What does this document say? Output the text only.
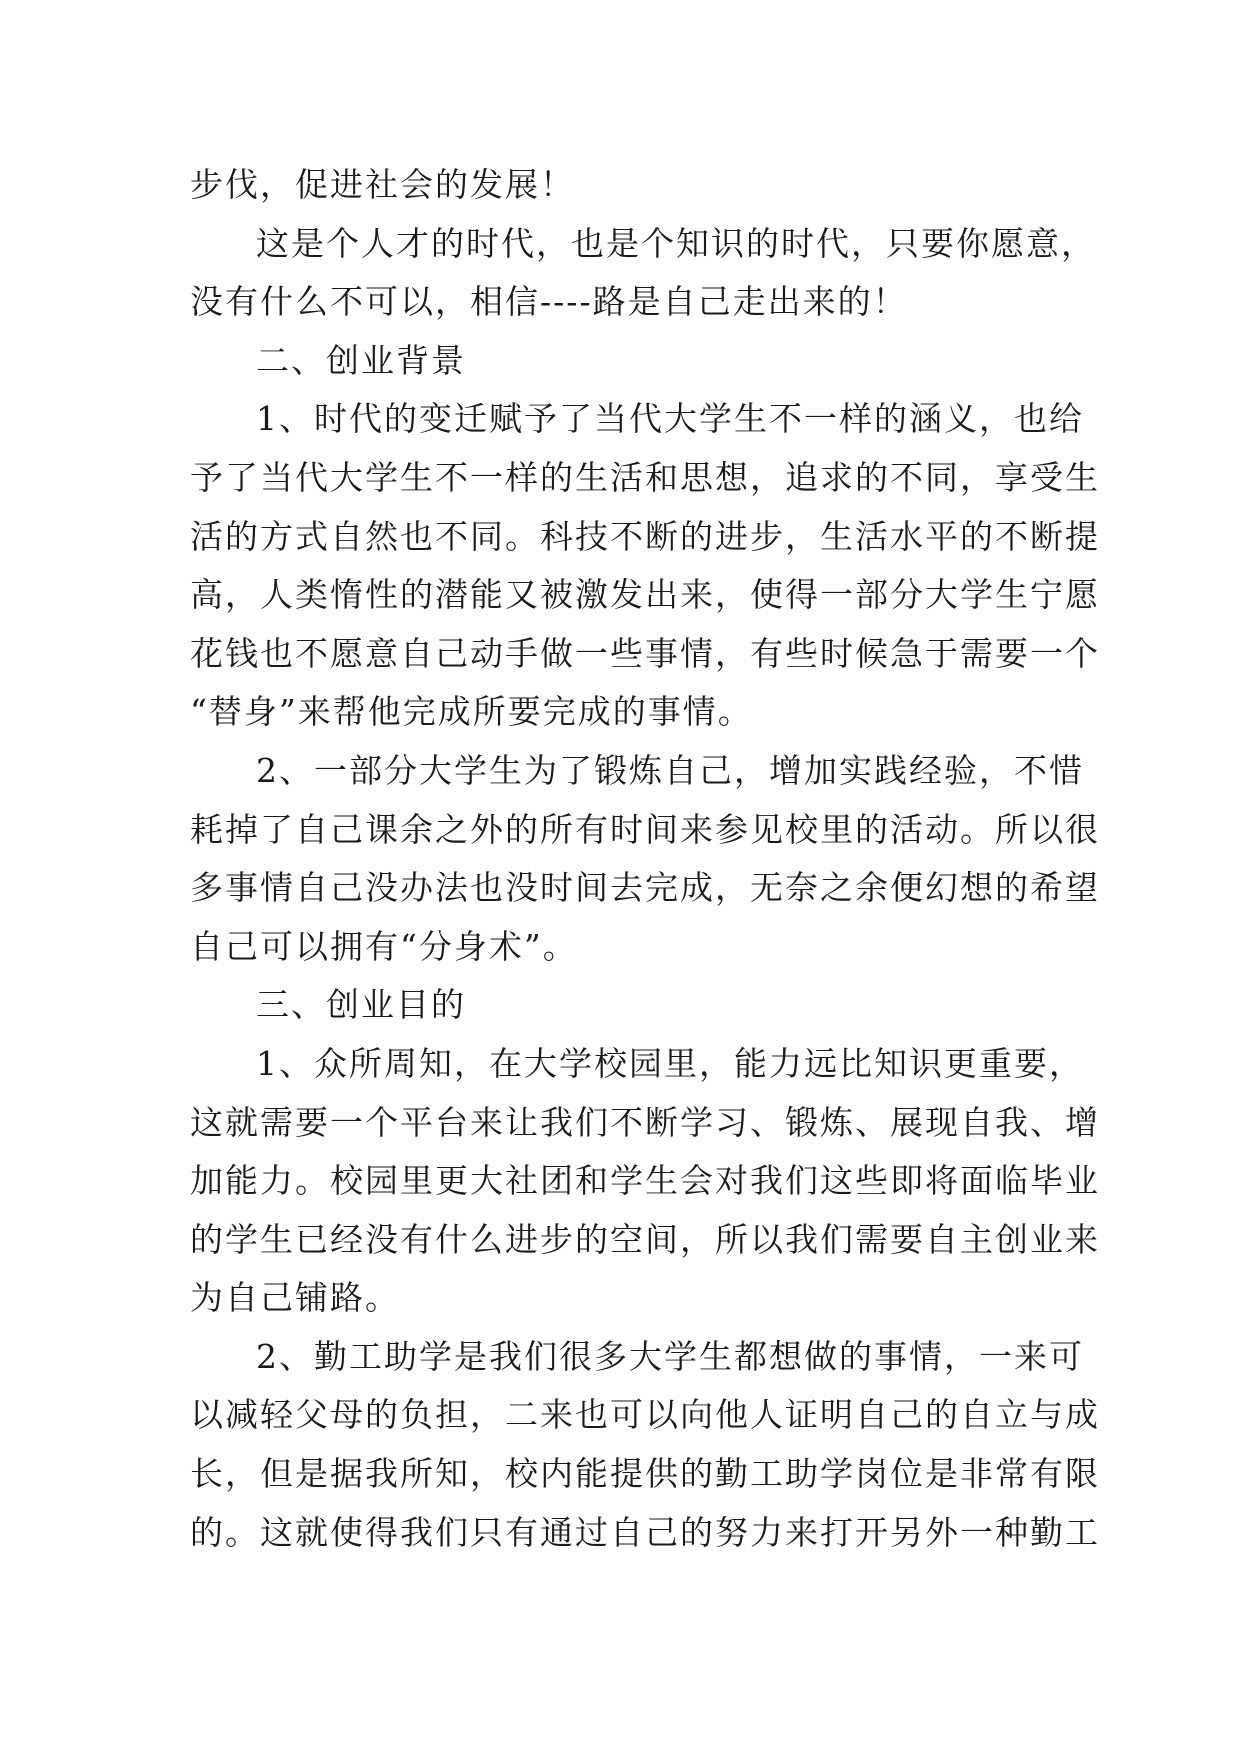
步伐，促进社会的发展！
这是个人才的时代，也是个知识的时代，只要你愿意，
没有什么不可以，相信----路是自己走出来的！
二、创业背景
1、时代的变迁赋予了当代大学生不一样的涵义，也给
予了当代大学生不一样的生活和思想，追求的不同，享受生
活的方式自然也不同。科技不断的进步，生活水平的不断提
高，人类惰性的潜能又被激发出来，使得一部分大学生宁愿
花钱也不愿意自己动手做一些事情，有些时候急于需要一个
“替身”来帮他完成所要完成的事情。
2、一部分大学生为了锻炼自己，增加实践经验，不惜
耗掉了自己课余之外的所有时间来参见校里的活动。所以很
多事情自己没办法也没时间去完成，无奈之余便幻想的希望
自己可以拥有“分身术”。
三、创业目的
1、众所周知，在大学校园里，能力远比知识更重要，
这就需要一个平台来让我们不断学习、锻炼、展现自我、增
加能力。校园里更大社团和学生会对我们这些即将面临毕业
的学生已经没有什么进步的空间，所以我们需要自主创业来
为自己铺路。
2、勤工助学是我们很多大学生都想做的事情，一来可
以减轻父母的负担，二来也可以向他人证明自己的自立与成
长，但是据我所知，校内能提供的勤工助学岗位是非常有限
的。这就使得我们只有通过自己的努力来打开另外一种勤工
